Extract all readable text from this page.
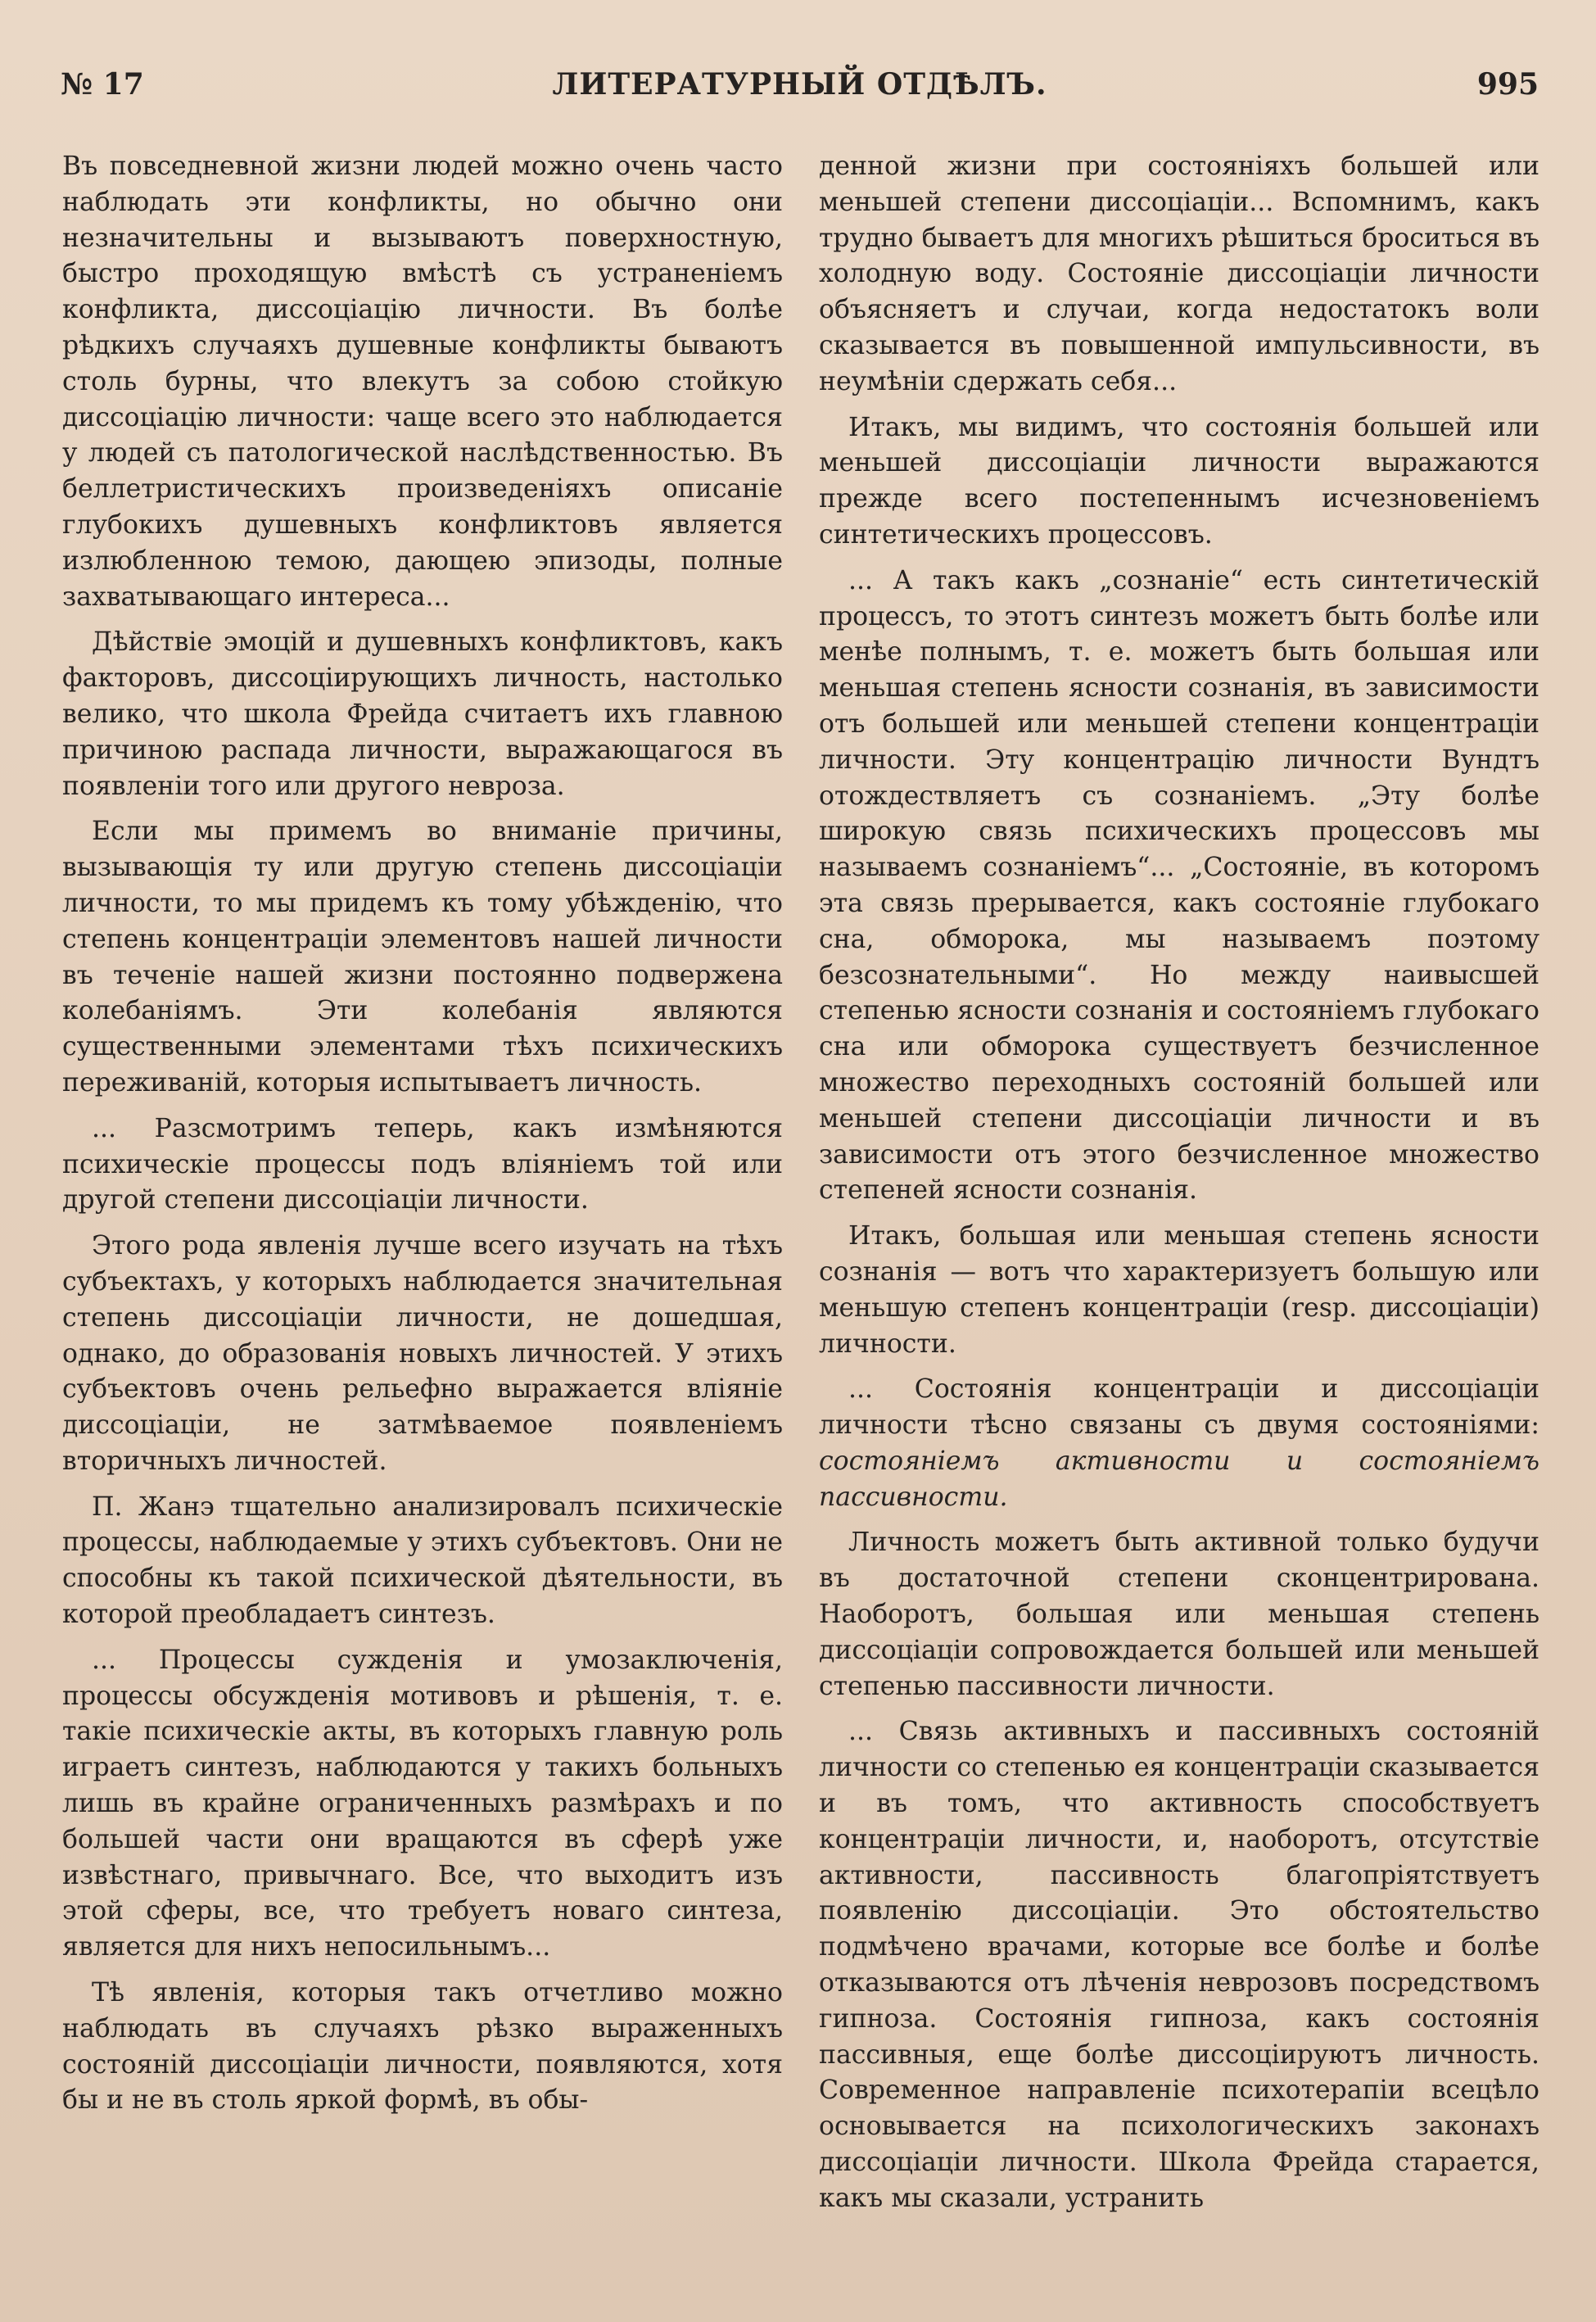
№ 17	ЛИТЕРАТУРНЫЙ ОТДѢЛЪ.	995

Въ повседневной жизни людей можно очень часто наблюдать эти конфликты, но обычно они незначительны и вызываютъ поверхностную, быстро проходящую вмѣстѣ съ устраненіемъ конфликта, диссоціацію личности. Въ болѣе рѣдкихъ случаяхъ душевные конфликты бываютъ столь бурны, что влекутъ за собою стойкую диссоціацію личности: чаще всего это наблюдается у людей съ патологической наслѣдственностью. Въ беллетристическихъ произведеніяхъ описаніе глубокихъ душевныхъ конфликтовъ является излюбленною темою, дающею эпизоды, полные захватывающаго интереса...

Дѣйствіе эмоцій и душевныхъ конфликтовъ, какъ факторовъ, диссоціирующихъ личность, настолько велико, что школа Фрейда считаетъ ихъ главною причиною распада личности, выражающагося въ появленіи того или другого невроза.

Если мы примемъ во вниманіе причины, вызывающія ту или другую степень диссоціаціи личности, то мы придемъ къ тому убѣжденію, что степень концентраціи элементовъ нашей личности въ теченіе нашей жизни постоянно подвержена колебаніямъ. Эти колебанія являются существенными элементами тѣхъ психическихъ переживаній, которыя испытываетъ личность.

... Разсмотримъ теперь, какъ измѣняются психическіе процессы подъ вліяніемъ той или другой степени диссоціаціи личности.

Этого рода явленія лучше всего изучать на тѣхъ субъектахъ, у которыхъ наблюдается значительная степень диссоціаціи личности, не дошедшая, однако, до образованія новыхъ личностей. У этихъ субъектовъ очень рельефно выражается вліяніе диссоціаціи, не затмѣваемое появленіемъ вторичныхъ личностей.

П. Жанэ тщательно анализировалъ психическіе процессы, наблюдаемые у этихъ субъектовъ. Они не способны къ такой психической дѣятельности, въ которой преобладаетъ синтезъ.

... Процессы сужденія и умозаключенія, процессы обсужденія мотивовъ и рѣшенія, т. е. такіе психическіе акты, въ которыхъ главную роль играетъ синтезъ, наблюдаются у такихъ больныхъ лишь въ крайне ограниченныхъ размѣрахъ и по большей части они вращаются въ сферѣ уже извѣстнаго, привычнаго. Все, что выходитъ изъ этой сферы, все, что требуетъ новаго синтеза, является для нихъ непосильнымъ...

Тѣ явленія, которыя такъ отчетливо можно наблюдать въ случаяхъ рѣзко выраженныхъ состояній диссоціаціи личности, появляются, хотя бы и не въ столь яркой формѣ, въ обы-

денной жизни при состояніяхъ большей или меньшей степени диссоціаціи... Вспомнимъ, какъ трудно бываетъ для многихъ рѣшиться броситься въ холодную воду. Состояніе диссоціаціи личности объясняетъ и случаи, когда недостатокъ воли сказывается въ повышенной импульсивности, въ неумѣніи сдержать себя...

Итакъ, мы видимъ, что состоянія большей или меньшей диссоціаціи личности выражаются прежде всего постепеннымъ исчезновеніемъ синтетическихъ процессовъ.

... А такъ какъ „сознаніе“ есть синтетическій процессъ, то этотъ синтезъ можетъ быть болѣе или менѣе полнымъ, т. е. можетъ быть большая или меньшая степень ясности сознанія, въ зависимости отъ большей или меньшей степени концентраціи личности. Эту концентрацію личности Вундтъ отождествляетъ съ сознаніемъ. „Эту болѣе широкую связь психическихъ процессовъ мы называемъ сознаніемъ“... „Состояніе, въ которомъ эта связь прерывается, какъ состояніе глубокаго сна, обморока, мы называемъ поэтому безсознательными“. Но между наивысшей степенью ясности сознанія и состояніемъ глубокаго сна или обморока существуетъ безчисленное множество переходныхъ состояній большей или меньшей степени диссоціаціи личности и въ зависимости отъ этого безчисленное множество степеней ясности сознанія.

Итакъ, большая или меньшая степень ясности сознанія — вотъ что характеризуетъ большую или меньшую степенъ концентраціи (resp. диссоціаціи) личности.

... Состоянія концентраціи и диссоціаціи личности тѣсно связаны съ двумя состояніями: состояніемъ активности и состояніемъ пассивности.

Личность можетъ быть активной только будучи въ достаточной степени сконцентрирована. Наоборотъ, большая или меньшая степень диссоціаціи сопровождается большей или меньшей степенью пассивности личности.

... Связь активныхъ и пассивныхъ состояній личности со степенью ея концентраціи сказывается и въ томъ, что активность способствуетъ концентраціи личности, и, наоборотъ, отсутствіе активности, пассивность благопріятствуетъ появленію диссоціаціи. Это обстоятельство подмѣчено врачами, которые все болѣе и болѣе отказываются отъ лѣченія неврозовъ посредствомъ гипноза. Состоянія гипноза, какъ состоянія пассивныя, еще болѣе диссоціируютъ личность. Современное направленіе психотерапіи всецѣло основывается на психологическихъ законахъ диссоціаціи личности. Школа Фрейда старается, какъ мы сказали, устранить
